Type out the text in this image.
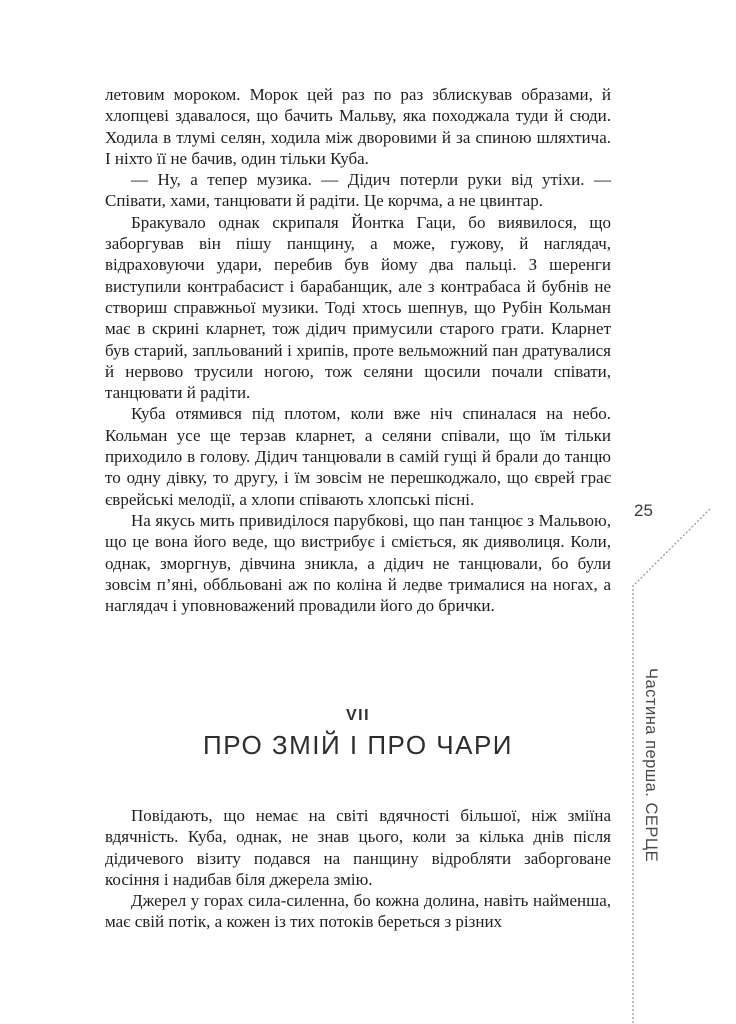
летовим мороком. Морок цей раз по раз зблискував образами, й хлопцеві здавалося, що бачить Мальву, яка походжала туди й сюди. Ходила в тлумі селян, ходила між дворовими й за спиною шляхтича. І ніхто її не бачив, один тільки Куба.

— Ну, а тепер музика. — Дідич потерли руки від утіхи. — Співати, хами, танцювати й радіти. Це корчма, а не цвинтар.

Бракувало однак скрипаля Йонтка Гаци, бо виявилося, що заборгував він пішу панщину, а може, гужову, й наглядач, відраховуючи удари, перебив був йому два пальці. З шеренги виступили контрабасист і барабанщик, але з контрабаса й бубнів не створиш справжньої музики. Тоді хтось шепнув, що Рубін Кольман має в скрині кларнет, тож дідич примусили старого грати. Кларнет був старий, запльований і хрипів, проте вельможний пан дратувалися й нервово трусили ногою, тож селяни щосили почали співати, танцювати й радіти.

Куба отямився під плотом, коли вже ніч спиналася на небо. Кольман усе ще терзав кларнет, а селяни співали, що їм тільки приходило в голову. Дідич танцювали в самій гущі й брали до танцю то одну дівку, то другу, і їм зовсім не перешкоджало, що єврей грає єврейські мелодії, а хлопи співають хлопські пісні.

На якусь мить привиділося парубкові, що пан танцює з Мальвою, що це вона його веде, що вистрибує і сміється, як дияволиця. Коли, однак, зморгнув, дівчина зникла, а дідич не танцювали, бо були зовсім п’яні, оббльовані аж по коліна й ледве трималися на ногах, а наглядач і уповноважений провадили його до брички.

VII
ПРО ЗМІЙ І ПРО ЧАРИ

Повідають, що немає на світі вдячності більшої, ніж зміїна вдячність. Куба, однак, не знав цього, коли за кілька днів після дідичевого візиту подався на панщину відробляти заборговане косіння і надибав біля джерела змію.

Джерел у горах сила-силенна, бо кожна долина, навіть найменша, має свій потік, а кожен із тих потоків береться з різних

25
Частина перша. СЕРЦЕ
